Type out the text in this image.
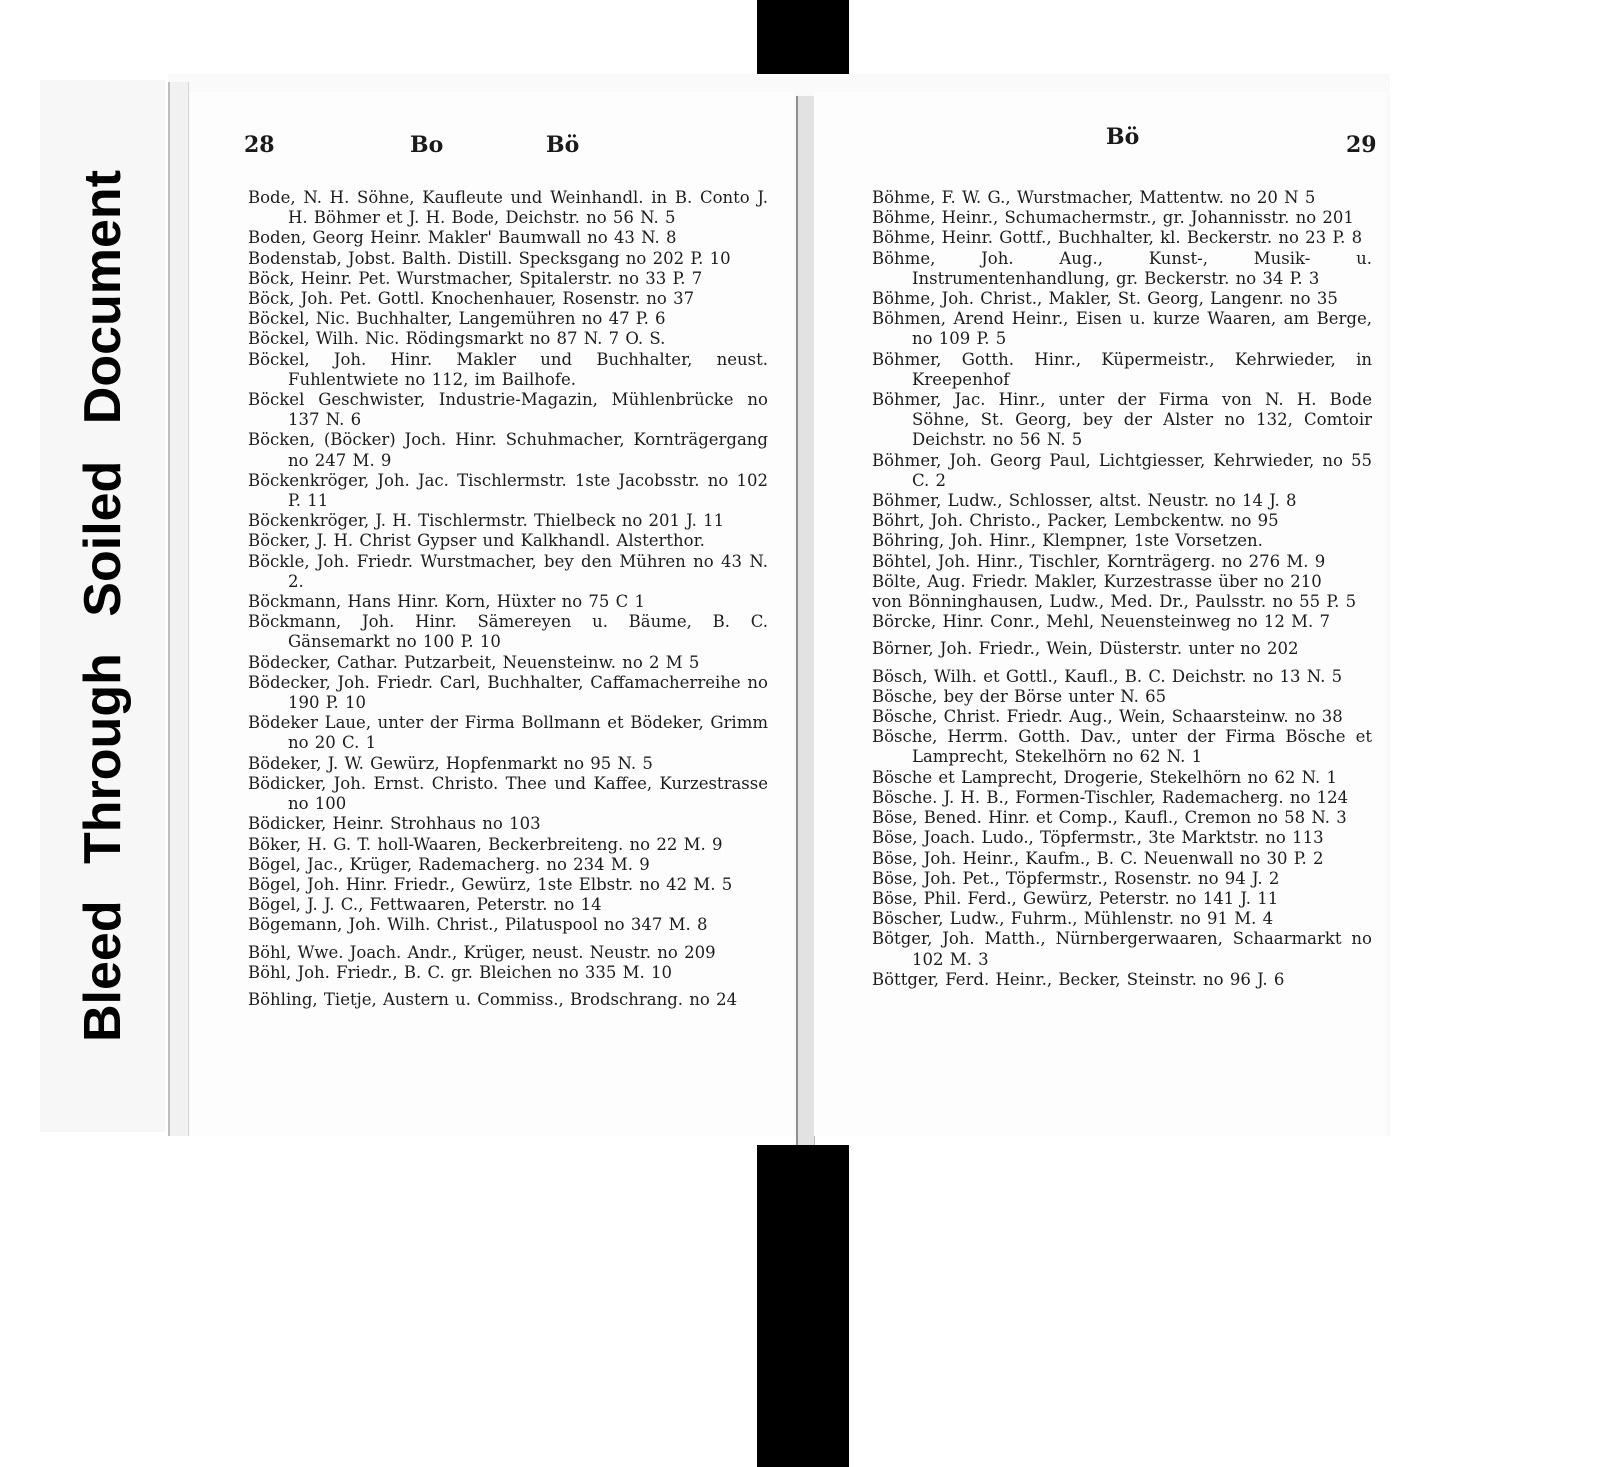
Bleed Through Soiled Document
28	Bo	Bö

Bode, N. H. Söhne, Kaufleute und Weinhandl. in B. Conto J. H. Böhmer et J. H. Bode, Deichstr. no 56 N. 5

Boden, Georg Heinr. Makler' Baumwall no 43 N. 8

Bodenstab, Jobst. Balth. Distill. Specksgang no 202 P. 10

Böck, Heinr. Pet. Wurstmacher, Spitalerstr. no 33 P. 7

Böck, Joh. Pet. Gottl. Knochenhauer, Rosenstr. no 37

Böckel, Nic. Buchhalter, Langemühren no 47 P. 6

Böckel, Wilh. Nic. Rödingsmarkt no 87 N. 7 O. S.

Böckel, Joh. Hinr. Makler und Buchhalter, neust. Fuhlentwiete no 112, im Bailhofe.

Böckel Geschwister, Industrie-Magazin, Mühlenbrücke no 137 N. 6

Böcken, (Böcker) Joch. Hinr. Schuhmacher, Kornträgergang no 247 M. 9

Böckenkröger, Joh. Jac. Tischlermstr. 1ste Jacobsstr. no 102 P. 11

Böckenkröger, J. H. Tischlermstr. Thielbeck no 201 J. 11

Böcker, J. H. Christ Gypser und Kalkhandl. Alsterthor.

Böckle, Joh. Friedr. Wurstmacher, bey den Mühren no 43 N. 2.

Böckmann, Hans Hinr. Korn, Hüxter no 75 C 1

Böckmann, Joh. Hinr. Sämereyen u. Bäume, B. C. Gänsemarkt no 100 P. 10

Bödecker, Cathar. Putzarbeit, Neuensteinw. no 2 M 5

Bödecker, Joh. Friedr. Carl, Buchhalter, Caffamacherreihe no 190 P. 10

Bödeker Laue, unter der Firma Bollmann et Bödeker, Grimm no 20 C. 1

Bödeker, J. W. Gewürz, Hopfenmarkt no 95 N. 5

Bödicker, Joh. Ernst. Christo. Thee und Kaffee, Kurzestrasse no 100

Bödicker, Heinr. Strohhaus no 103

Böker, H. G. T. holl-Waaren, Beckerbreiteng. no 22 M. 9

Bögel, Jac., Krüger, Rademacherg. no 234 M. 9

Bögel, Joh. Hinr. Friedr., Gewürz, 1ste Elbstr. no 42 M. 5

Bögel, J. J. C., Fettwaaren, Peterstr. no 14

Bögemann, Joh. Wilh. Christ., Pilatuspool no 347 M. 8

Böhl, Wwe. Joach. Andr., Krüger, neust. Neustr. no 209

Böhl, Joh. Friedr., B. C. gr. Bleichen no 335 M. 10

Böhling, Tietje, Austern u. Commiss., Brodschrang. no 24

Bö	29

Böhme, F. W. G., Wurstmacher, Mattentw. no 20 N 5

Böhme, Heinr., Schumachermstr., gr. Johannisstr. no 201

Böhme, Heinr. Gottf., Buchhalter, kl. Beckerstr. no 23 P. 8

Böhme, Joh. Aug., Kunst-, Musik- u. Instrumentenhandlung, gr. Beckerstr. no 34 P. 3

Böhme, Joh. Christ., Makler, St. Georg, Langenr. no 35

Böhmen, Arend Heinr., Eisen u. kurze Waaren, am Berge, no 109 P. 5

Böhmer, Gotth. Hinr., Küpermeistr., Kehrwieder, in Kreepenhof

Böhmer, Jac. Hinr., unter der Firma von N. H. Bode Söhne, St. Georg, bey der Alster no 132, Comtoir Deichstr. no 56 N. 5

Böhmer, Joh. Georg Paul, Lichtgiesser, Kehrwieder, no 55 C. 2

Böhmer, Ludw., Schlosser, altst. Neustr. no 14 J. 8

Böhrt, Joh. Christo., Packer, Lembckentw. no 95

Böhring, Joh. Hinr., Klempner, 1ste Vorsetzen.

Böhtel, Joh. Hinr., Tischler, Kornträgerg. no 276 M. 9

Bölte, Aug. Friedr. Makler, Kurzestrasse über no 210

von Bönninghausen, Ludw., Med. Dr., Paulsstr. no 55 P. 5

Börcke, Hinr. Conr., Mehl, Neuensteinweg no 12 M. 7

Börner, Joh. Friedr., Wein, Düsterstr. unter no 202

Bösch, Wilh. et Gottl., Kaufl., B. C. Deichstr. no 13 N. 5

Bösche, bey der Börse unter N. 65

Bösche, Christ. Friedr. Aug., Wein, Schaarsteinw. no 38

Bösche, Herrm. Gotth. Dav., unter der Firma Bösche et Lamprecht, Stekelhörn no 62 N. 1

Bösche et Lamprecht, Drogerie, Stekelhörn no 62 N. 1

Bösche. J. H. B., Formen-Tischler, Rademacherg. no 124

Böse, Bened. Hinr. et Comp., Kaufl., Cremon no 58 N. 3

Böse, Joach. Ludo., Töpfermstr., 3te Marktstr. no 113

Böse, Joh. Heinr., Kaufm., B. C. Neuenwall no 30 P. 2

Böse, Joh. Pet., Töpfermstr., Rosenstr. no 94 J. 2

Böse, Phil. Ferd., Gewürz, Peterstr. no 141 J. 11

Böscher, Ludw., Fuhrm., Mühlenstr. no 91 M. 4

Bötger, Joh. Matth., Nürnbergerwaaren, Schaarmarkt no 102 M. 3

Böttger, Ferd. Heinr., Becker, Steinstr. no 96 J. 6
